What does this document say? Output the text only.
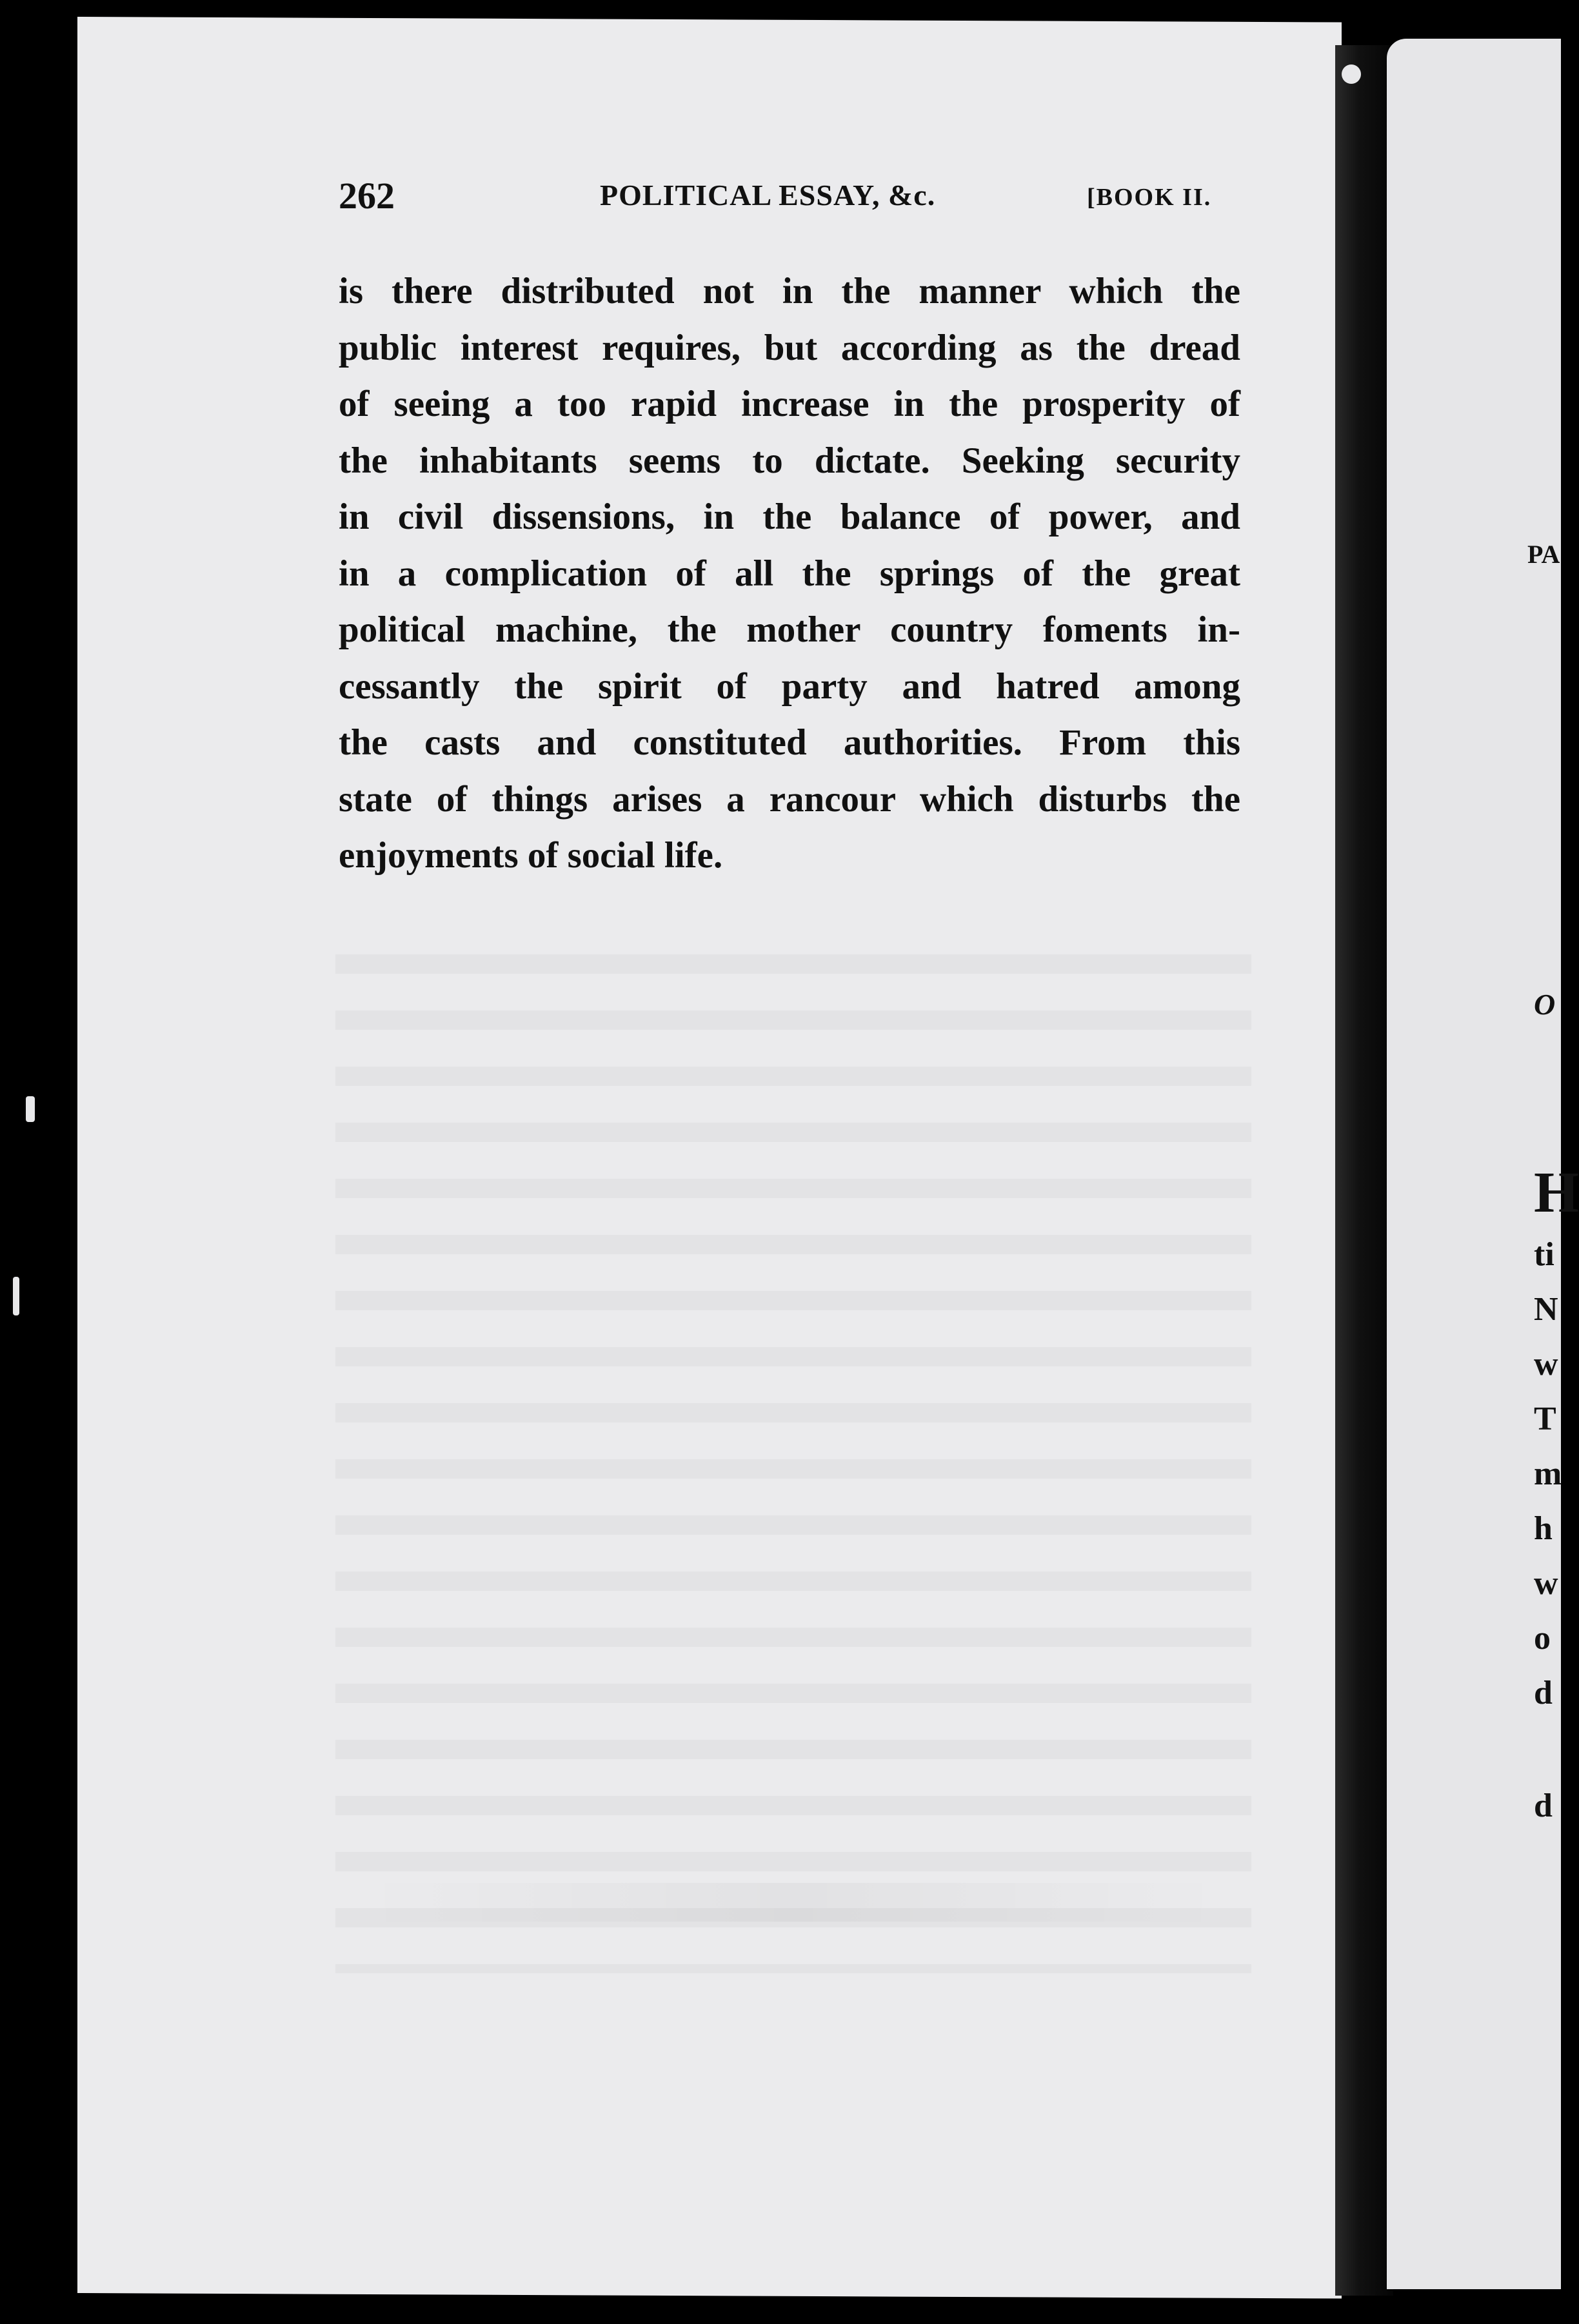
262	POLITICAL ESSAY, &c.	[BOOK II.
is there distributed not in the manner which the
public interest requires, but according as the dread
of seeing a too rapid increase in the prosperity of
the inhabitants seems to dictate. Seeking security
in civil dissensions, in the balance of power, and
in a complication of all the springs of the great
political machine, the mother country foments in-
cessantly the spirit of party and hatred among
the casts and constituted authorities. From this
state of things arises a rancour which disturbs the
enjoyments of social life.
PA
O
H
ti
N
w
T
m
h
w
o
d
d
